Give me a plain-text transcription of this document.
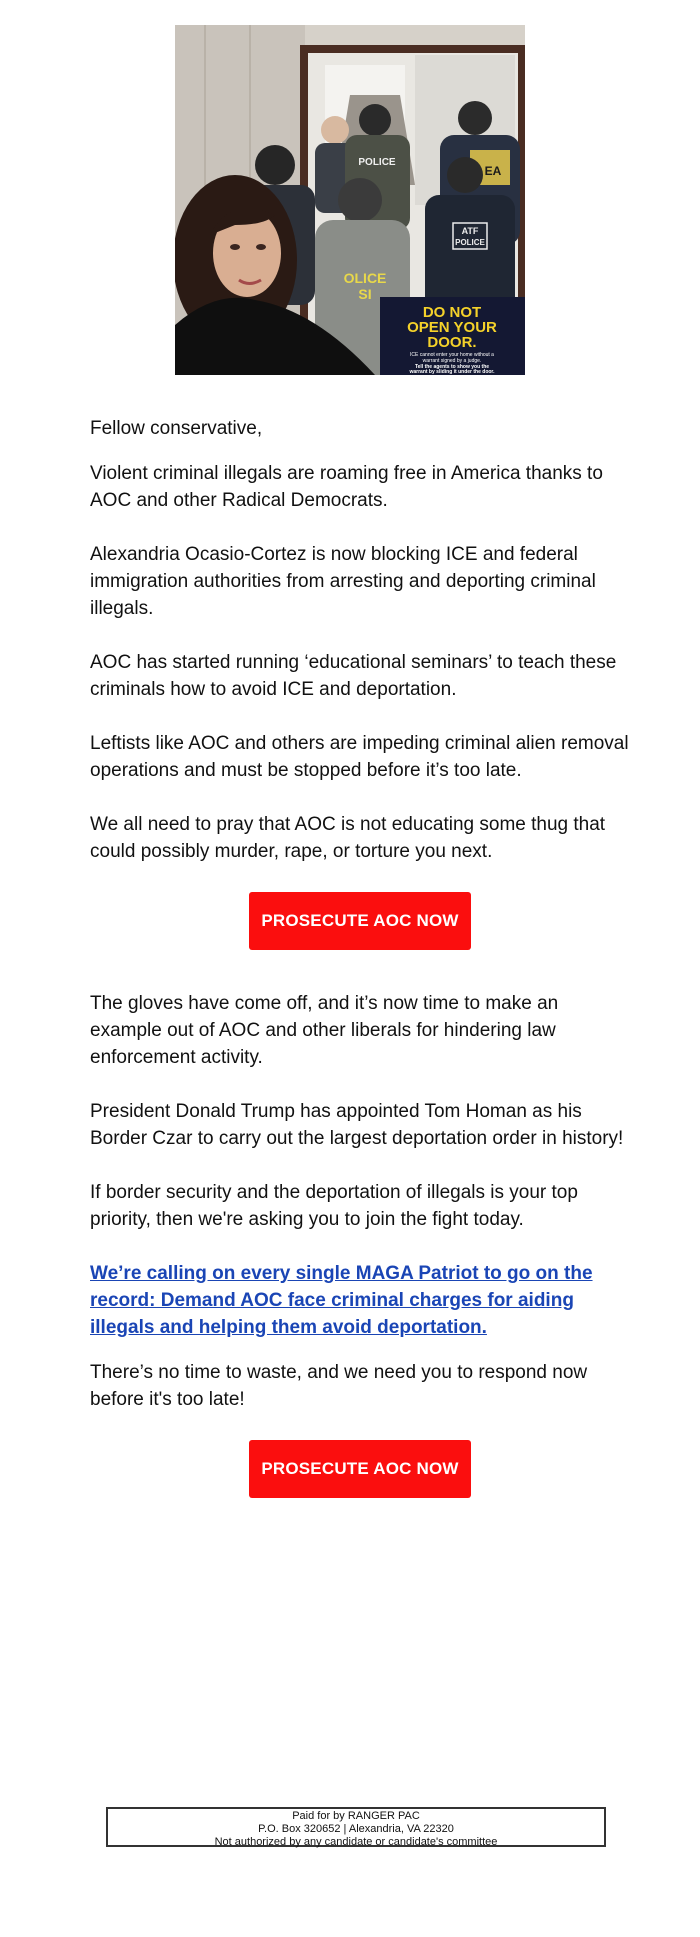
POLICE
EA
OLICE
SI
ATF
POLICE
DO NOT
OPEN YOUR
DOOR.
ICE cannot enter your home without a
warrant signed by a judge.
Tell the agents to show you the
warrant by sliding it under the door.

Fellow conservative,

Violent criminal illegals are roaming free in America thanks to AOC and other Radical Democrats.

Alexandria Ocasio-Cortez is now blocking ICE and federal immigration authorities from arresting and deporting criminal illegals.

AOC has started running ‘educational seminars’ to teach these criminals how to avoid ICE and deportation.

Leftists like AOC and others are impeding criminal alien removal operations and must be stopped before it’s too late.

We all need to pray that AOC is not educating some thug that could possibly murder, rape, or torture you next.

PROSECUTE AOC NOW

The gloves have come off, and it’s now time to make an example out of AOC and other liberals for hindering law enforcement activity.

President Donald Trump has appointed Tom Homan as his Border Czar to carry out the largest deportation order in history!

If border security and the deportation of illegals is your top priority, then we're asking you to join the fight today.

We’re calling on every single MAGA Patriot to go on the record: Demand AOC face criminal charges for aiding illegals and helping them avoid deportation.

There’s no time to waste, and we need you to respond now before it's too late!

PROSECUTE AOC NOW
Paid for by RANGER PAC
P.O. Box 320652 | Alexandria, VA 22320
Not authorized by any candidate or candidate's committee
